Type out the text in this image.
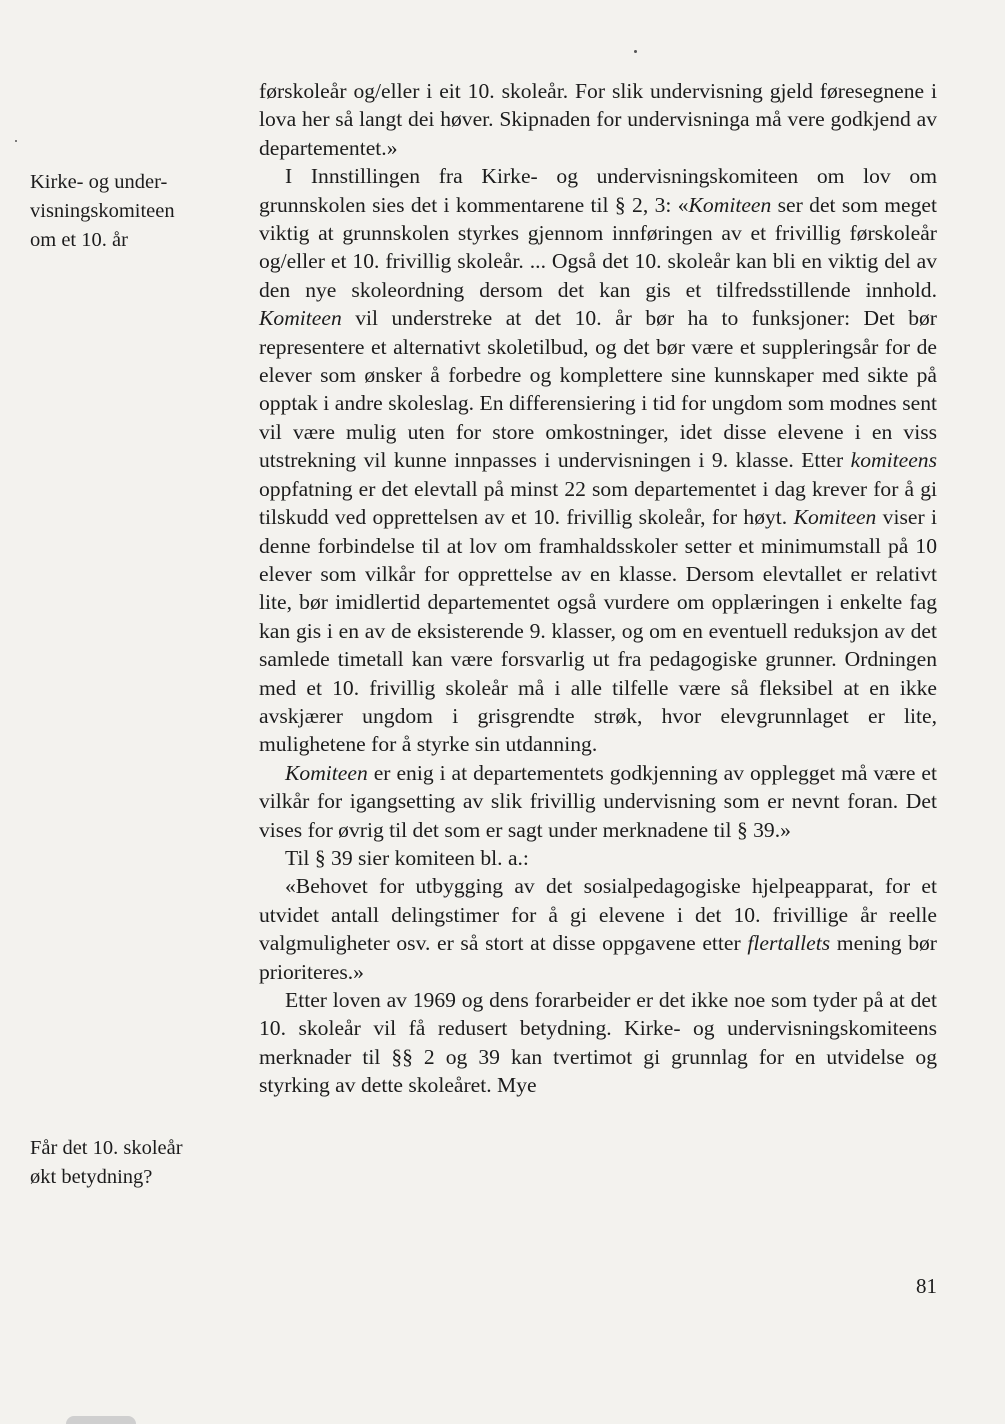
Kirke- og under-
visningskomiteen
om et 10. år
Får det 10. skoleår
økt betydning?

førskoleår og/eller i eit 10. skoleår. For slik undervisning gjeld føresegnene i lova her så langt dei høver. Skipnaden for undervisninga må vere godkjend av departementet.»

I Innstillingen fra Kirke- og undervisningskomiteen om lov om grunnskolen sies det i kommentarene til § 2, 3: «Komiteen ser det som meget viktig at grunnskolen styrkes gjennom innføringen av et frivillig førskoleår og/eller et 10. frivillig skoleår. ... Også det 10. skoleår kan bli en viktig del av den nye skoleordning dersom det kan gis et tilfredsstillende innhold. Komiteen vil understreke at det 10. år bør ha to funksjoner: Det bør representere et alternativt skoletilbud, og det bør være et suppleringsår for de elever som ønsker å forbedre og komplettere sine kunnskaper med sikte på opptak i andre skoleslag. En differensiering i tid for ungdom som modnes sent vil være mulig uten for store omkostninger, idet disse elevene i en viss utstrekning vil kunne innpasses i undervisningen i 9. klasse. Etter komiteens oppfatning er det elevtall på minst 22 som departementet i dag krever for å gi tilskudd ved opprettelsen av et 10. frivillig skoleår, for høyt. Komiteen viser i denne forbindelse til at lov om framhaldsskoler setter et minimumstall på 10 elever som vilkår for opprettelse av en klasse. Dersom elevtallet er relativt lite, bør imidlertid departementet også vurdere om opplæringen i enkelte fag kan gis i en av de eksisterende 9. klasser, og om en eventuell reduksjon av det samlede timetall kan være forsvarlig ut fra pedagogiske grunner. Ordningen med et 10. frivillig skoleår må i alle tilfelle være så fleksibel at en ikke avskjærer ungdom i grisgrendte strøk, hvor elevgrunnlaget er lite, mulighetene for å styrke sin utdanning.

Komiteen er enig i at departementets godkjenning av opplegget må være et vilkår for igangsetting av slik frivillig undervisning som er nevnt foran. Det vises for øvrig til det som er sagt under merknadene til § 39.»

Til § 39 sier komiteen bl. a.:

«Behovet for utbygging av det sosialpedagogiske hjelpeapparat, for et utvidet antall delingstimer for å gi elevene i det 10. frivillige år reelle valgmuligheter osv. er så stort at disse oppgavene etter flertallets mening bør prioriteres.»

Etter loven av 1969 og dens forarbeider er det ikke noe som tyder på at det 10. skoleår vil få redusert betydning. Kirke- og undervisningskomiteens merknader til §§ 2 og 39 kan tvertimot gi grunnlag for en utvidelse og styrking av dette skoleåret. Mye

81
